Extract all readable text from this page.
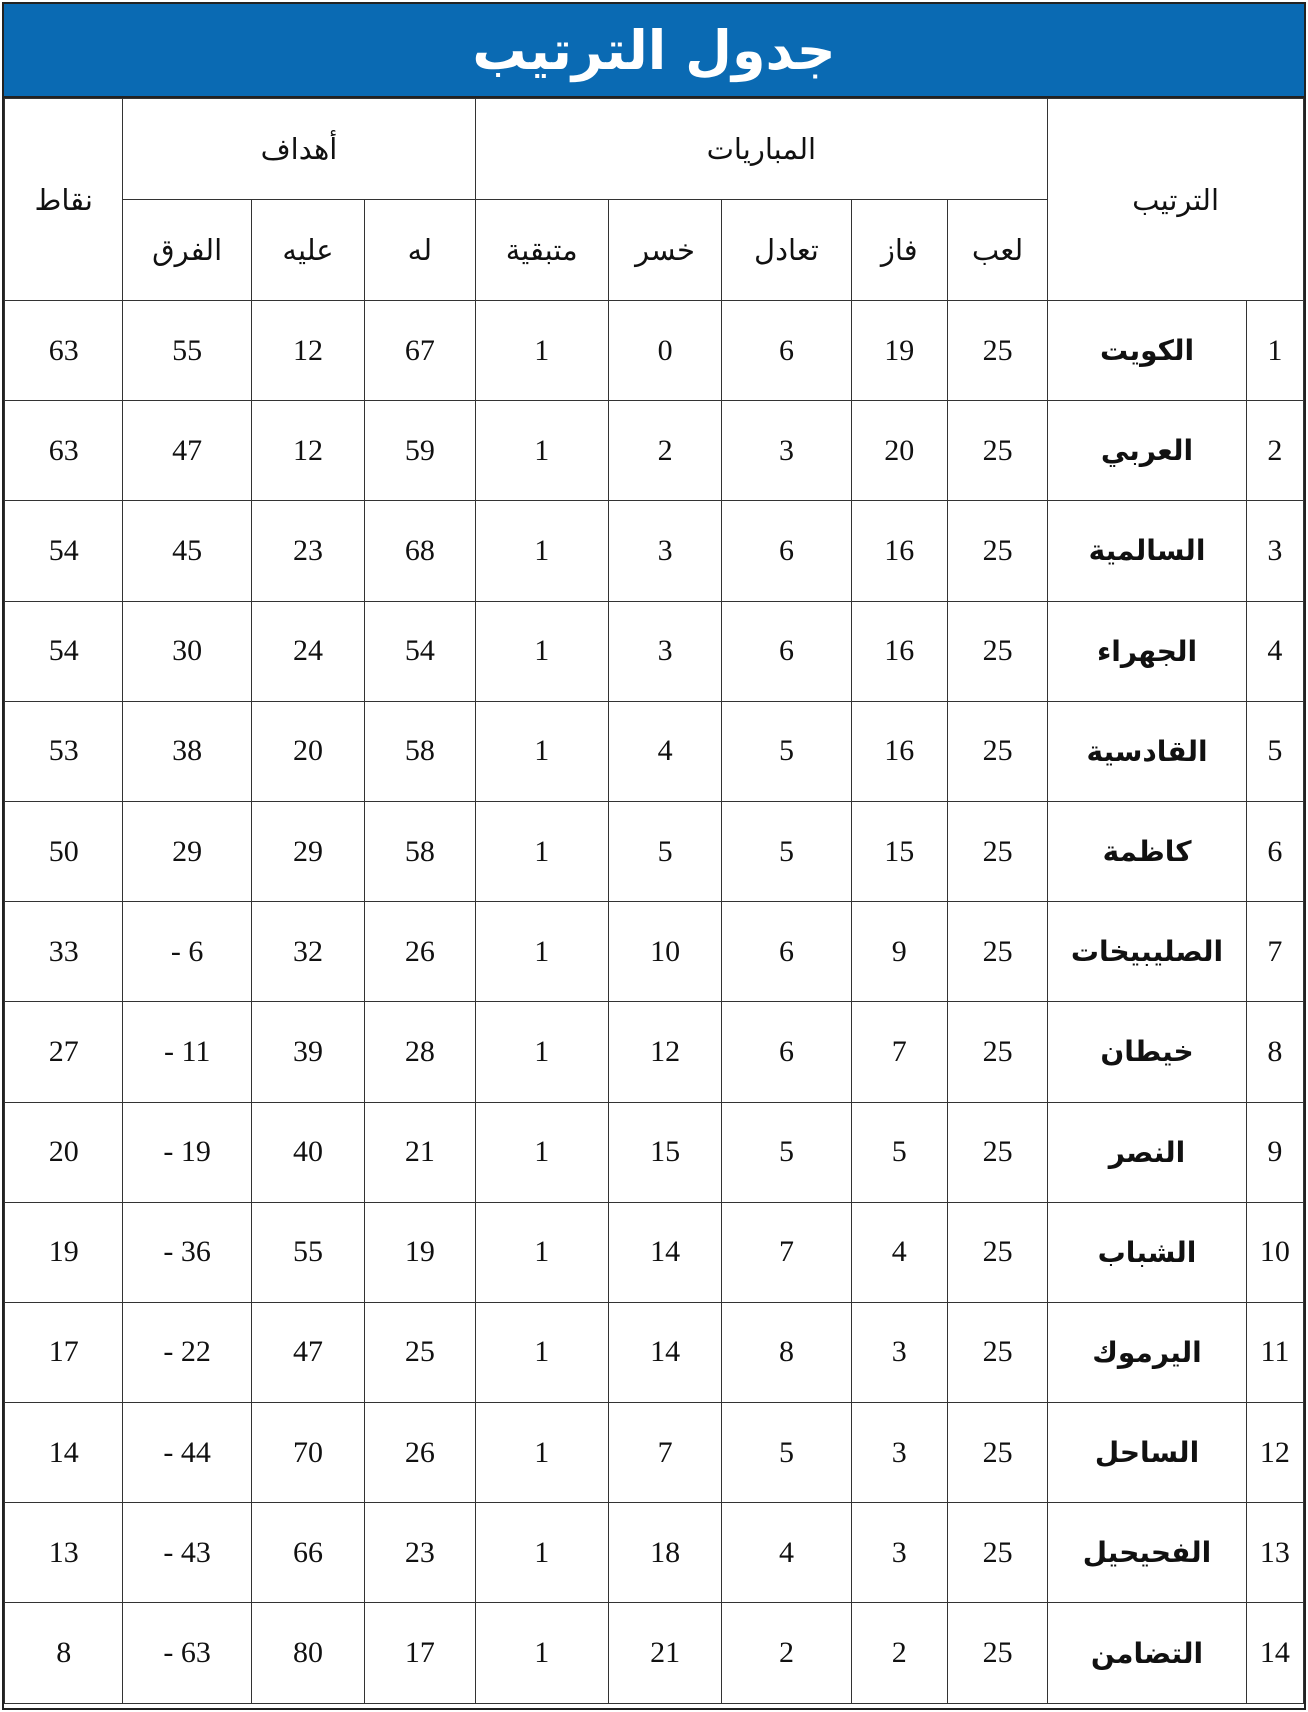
جدول الترتيب
الترتيب		المباريات					أهداف			نقاط
		لعب	فاز	تعادل	خسر	متبقية	له	عليه	الفرق	
1	الكويت	25	19	6	0	1	67	12	55	63
2	العربي	25	20	3	2	1	59	12	47	63
3	السالمية	25	16	6	3	1	68	23	45	54
4	الجهراء	25	16	6	3	1	54	24	30	54
5	القادسية	25	16	5	4	1	58	20	38	53
6	كاظمة	25	15	5	5	1	58	29	29	50
7	الصليبيخات	25	9	6	10	1	26	32	6 -	33
8	خيطان	25	7	6	12	1	28	39	11 -	27
9	النصر	25	5	5	15	1	21	40	19 -	20
10	الشباب	25	4	7	14	1	19	55	36 -	19
11	اليرموك	25	3	8	14	1	25	47	22 -	17
12	الساحل	25	3	5	7	1	26	70	44 -	14
13	الفحيحيل	25	3	4	18	1	23	66	43 -	13
14	التضامن	25	2	2	21	1	17	80	63 -	8
